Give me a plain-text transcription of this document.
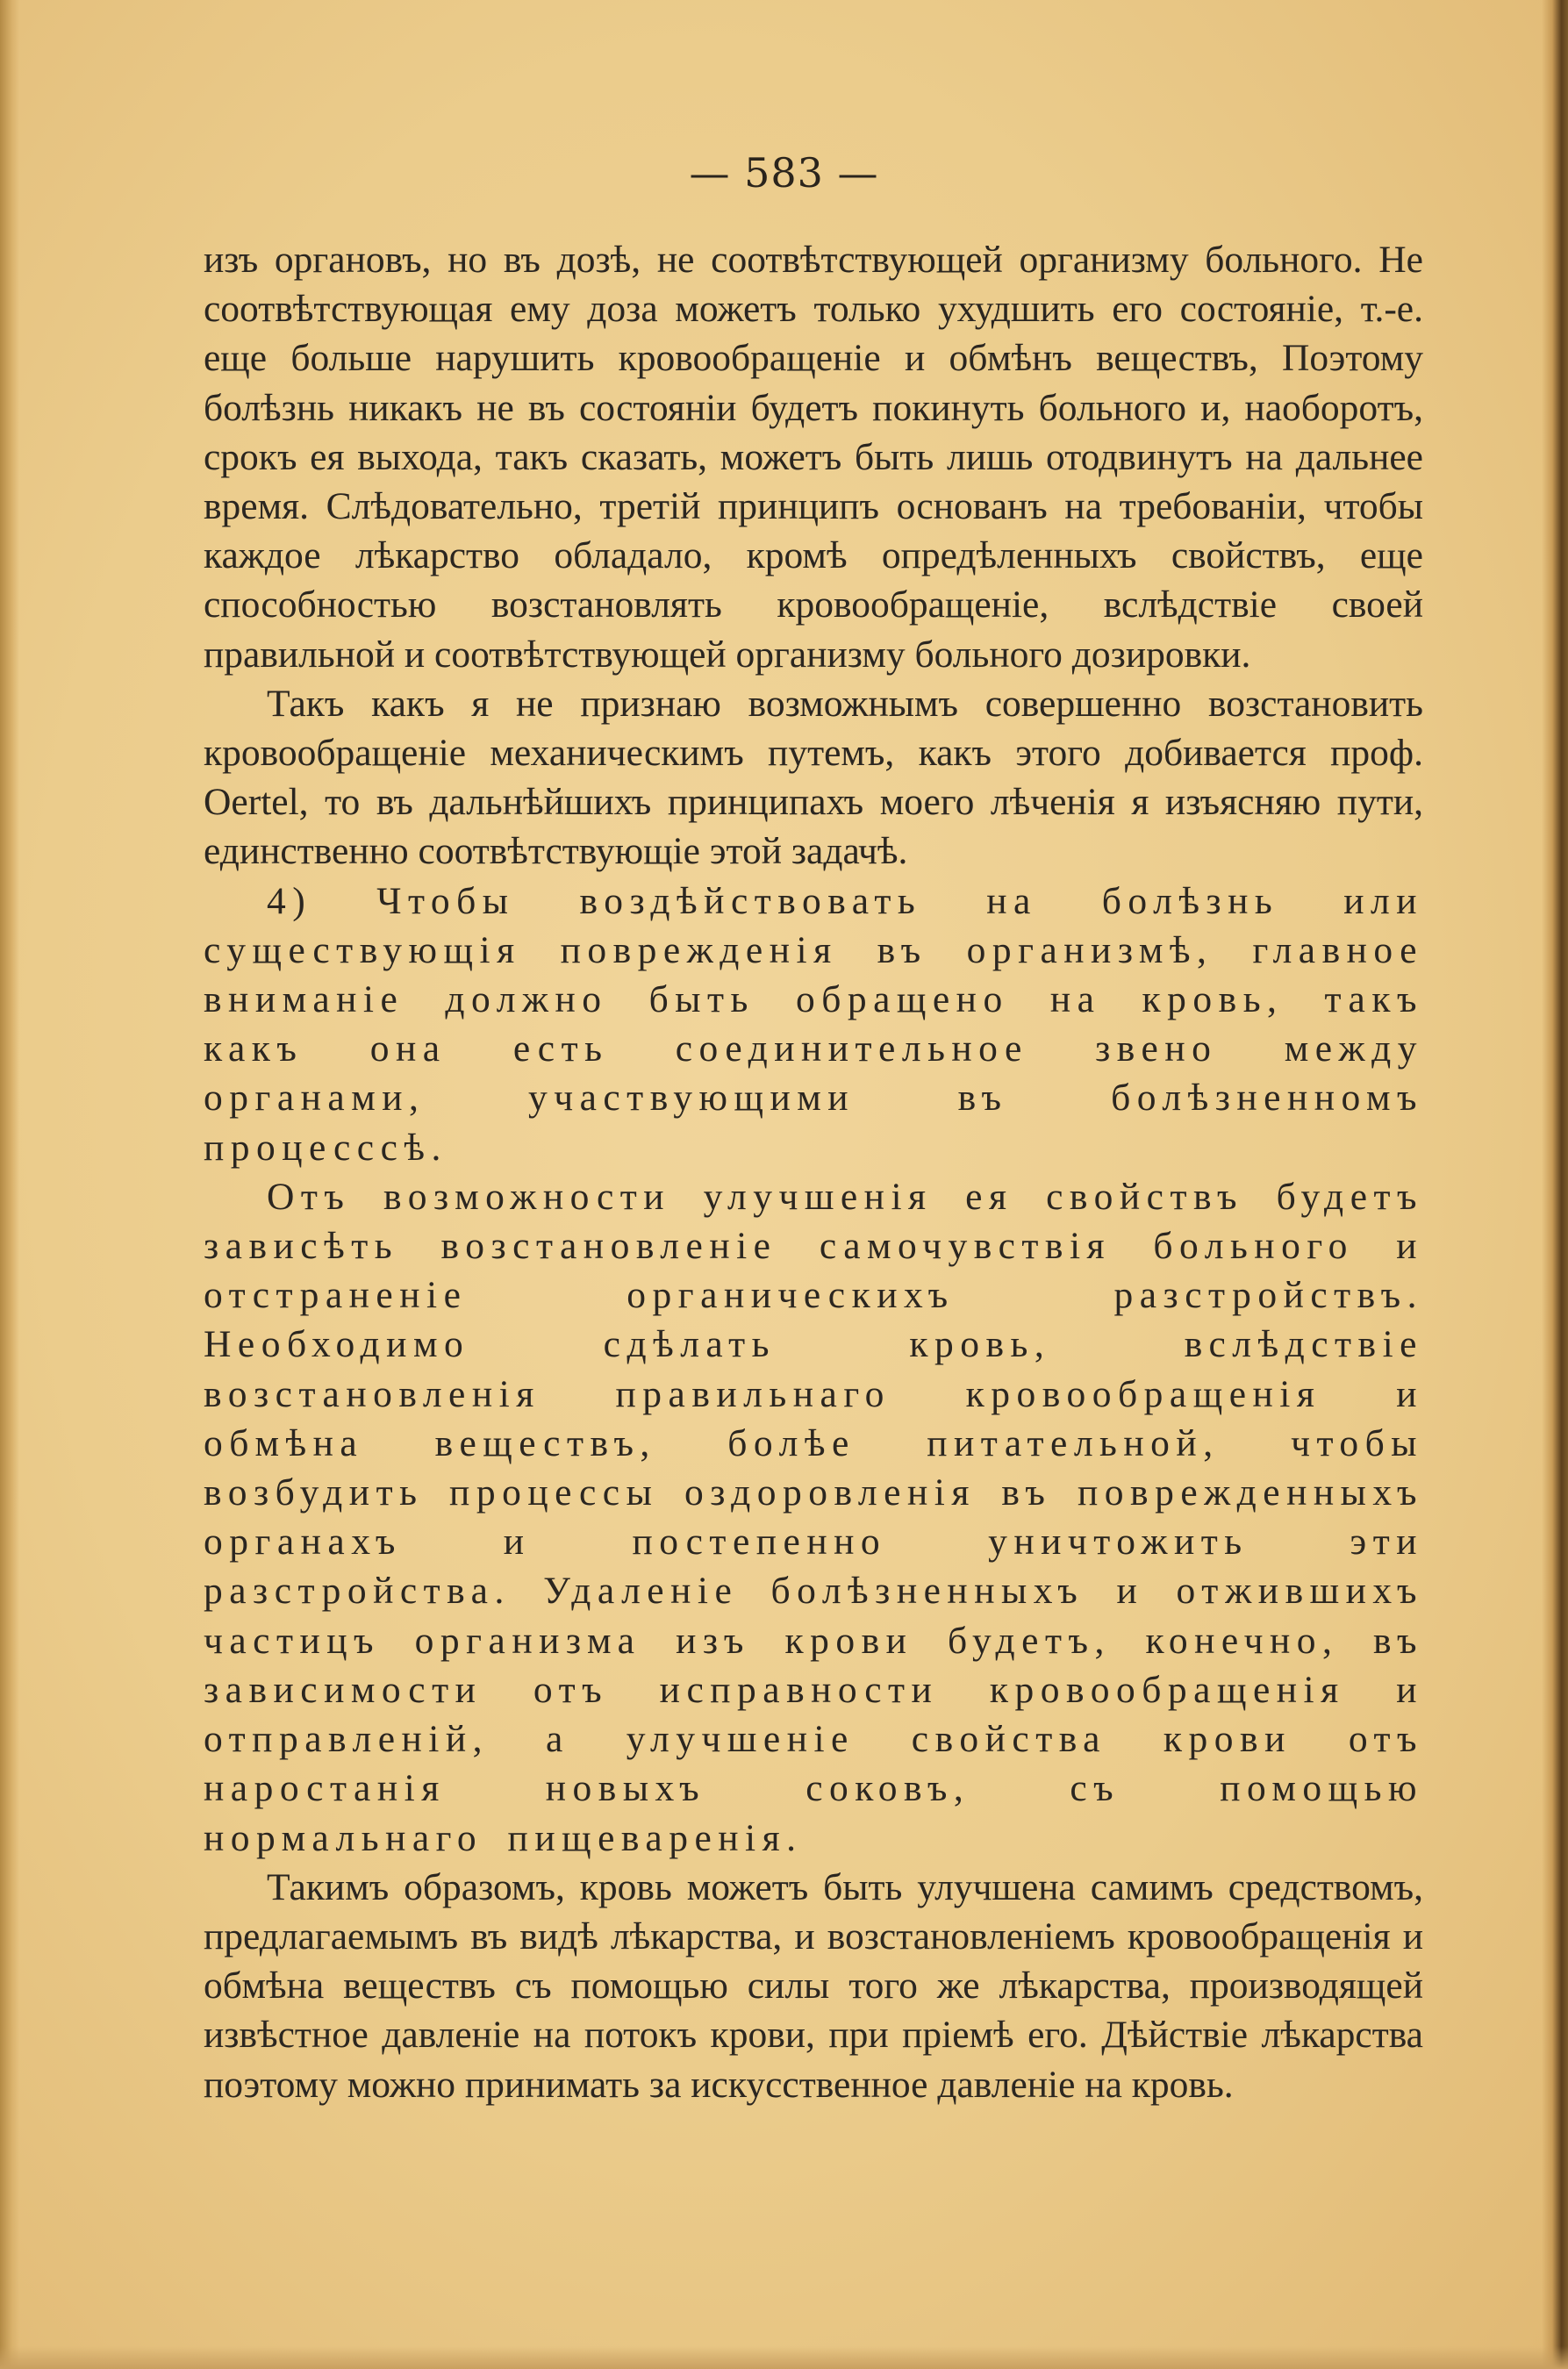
— 583 —

изъ органовъ, но въ дозѣ, не соотвѣтствующей организму больного. Не соотвѣтствующая ему доза можетъ только ухудшить его состояніе, т.-е. еще больше нарушить кровообращеніе и обмѣнъ веществъ, Поэтому болѣзнь никакъ не въ состояніи будетъ покинуть больного и, наоборотъ, срокъ ея выхода, такъ сказать, можетъ быть лишь отодвинутъ на дальнее время. Слѣдовательно, третій принципъ основанъ на требованіи, чтобы каждое лѣкарство обладало, кромѣ опредѣленныхъ свойствъ, еще способностью возстановлять кровообращеніе, вслѣдствіе своей правильной и соотвѣтствующей организму больного дозировки.

Такъ какъ я не признаю возможнымъ совершенно возстановить кровообращеніе механическимъ путемъ, какъ этого добивается проф. Oertel, то въ дальнѣйшихъ принципахъ моего лѣченія я изъясняю пути, единственно соотвѣтствующіе этой задачѣ.

4) Чтобы воздѣйствовать на болѣзнь или существующія поврежденія въ организмѣ, главное вниманіе должно быть обращено на кровь, такъ какъ она есть соединительное звено между органами, участвующими въ болѣзненномъ процесссѣ.

Отъ возможности улучшенія ея свойствъ будетъ зависѣть возстановленіе самочувствія больного и отстраненіе органическихъ разстройствъ. Необходимо сдѣлать кровь, вслѣдствіе возстановленія правильнаго кровообращенія и обмѣна веществъ, болѣе питательной, чтобы возбудить процессы оздоровленія въ поврежденныхъ органахъ и постепенно уничтожить эти разстройства. Удаленіе болѣзненныхъ и отжившихъ частицъ организма изъ крови будетъ, конечно, въ зависимости отъ исправности кровообращенія и отправленій, а улучшеніе свойства крови отъ наростанія новыхъ соковъ, съ помощью нормальнаго пищеваренія.

Такимъ образомъ, кровь можетъ быть улучшена самимъ средствомъ, предлагаемымъ въ видѣ лѣкарства, и возстановленіемъ кровообращенія и обмѣна веществъ съ помощью силы того же лѣкарства, производящей извѣстное давленіе на потокъ крови, при пріемѣ его. Дѣйствіе лѣкарства поэтому можно принимать за искусственное давленіе на кровь.
